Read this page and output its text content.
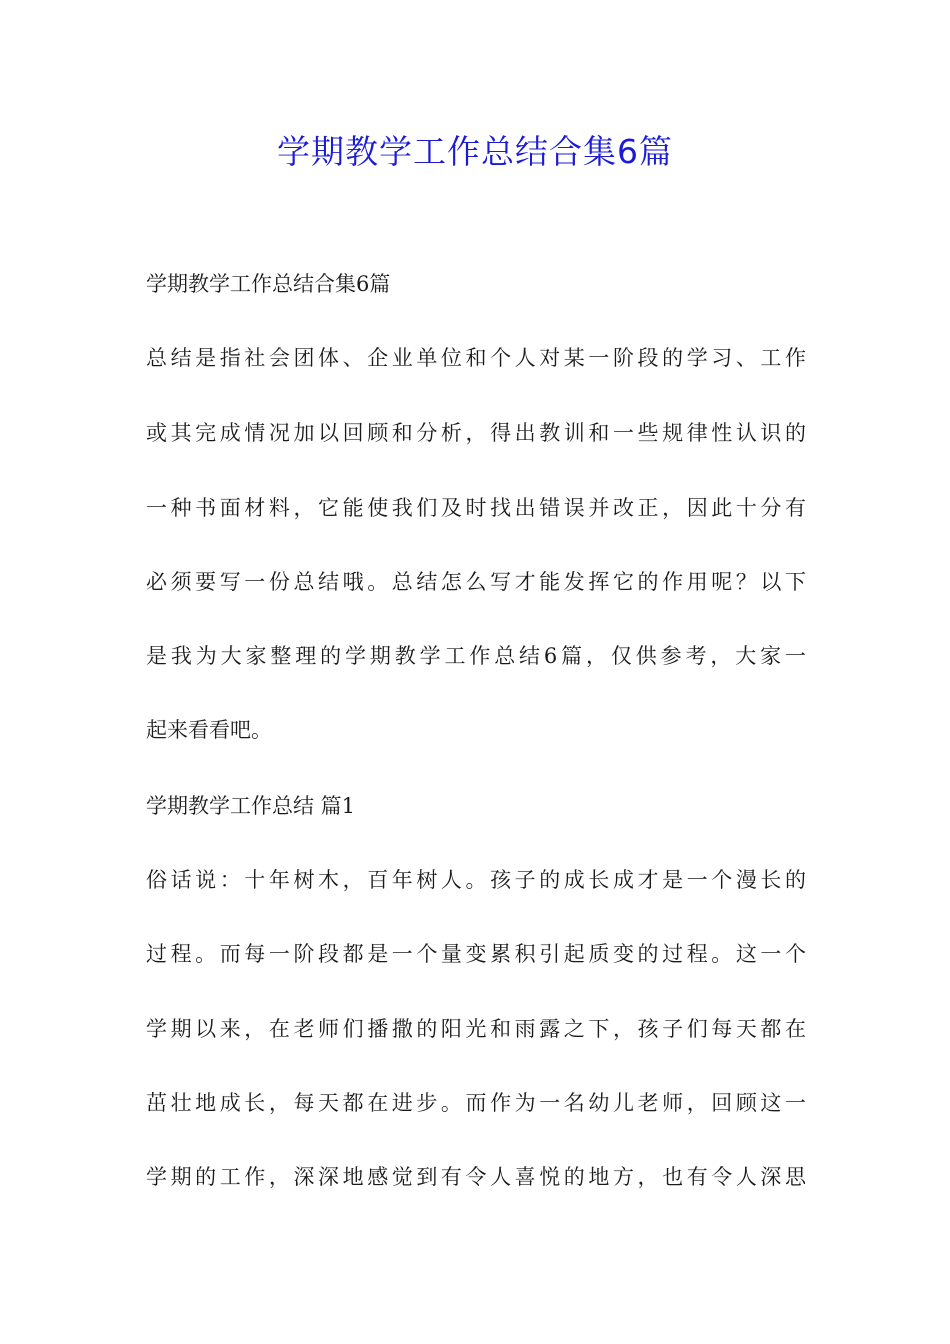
学期教学工作总结合集6篇
学期教学工作总结合集6篇
总结是指社会团体、企业单位和个人对某一阶段的学习、工作
或其完成情况加以回顾和分析，得出教训和一些规律性认识的
一种书面材料，它能使我们及时找出错误并改正，因此十分有
必须要写一份总结哦。总结怎么写才能发挥它的作用呢？以下
是我为大家整理的学期教学工作总结6篇，仅供参考，大家一
起来看看吧。
学期教学工作总结 篇1
俗话说：十年树木，百年树人。孩子的成长成才是一个漫长的
过程。而每一阶段都是一个量变累积引起质变的过程。这一个
学期以来，在老师们播撒的阳光和雨露之下，孩子们每天都在
茁壮地成长，每天都在进步。而作为一名幼儿老师，回顾这一
学期的工作，深深地感觉到有令人喜悦的地方，也有令人深思
